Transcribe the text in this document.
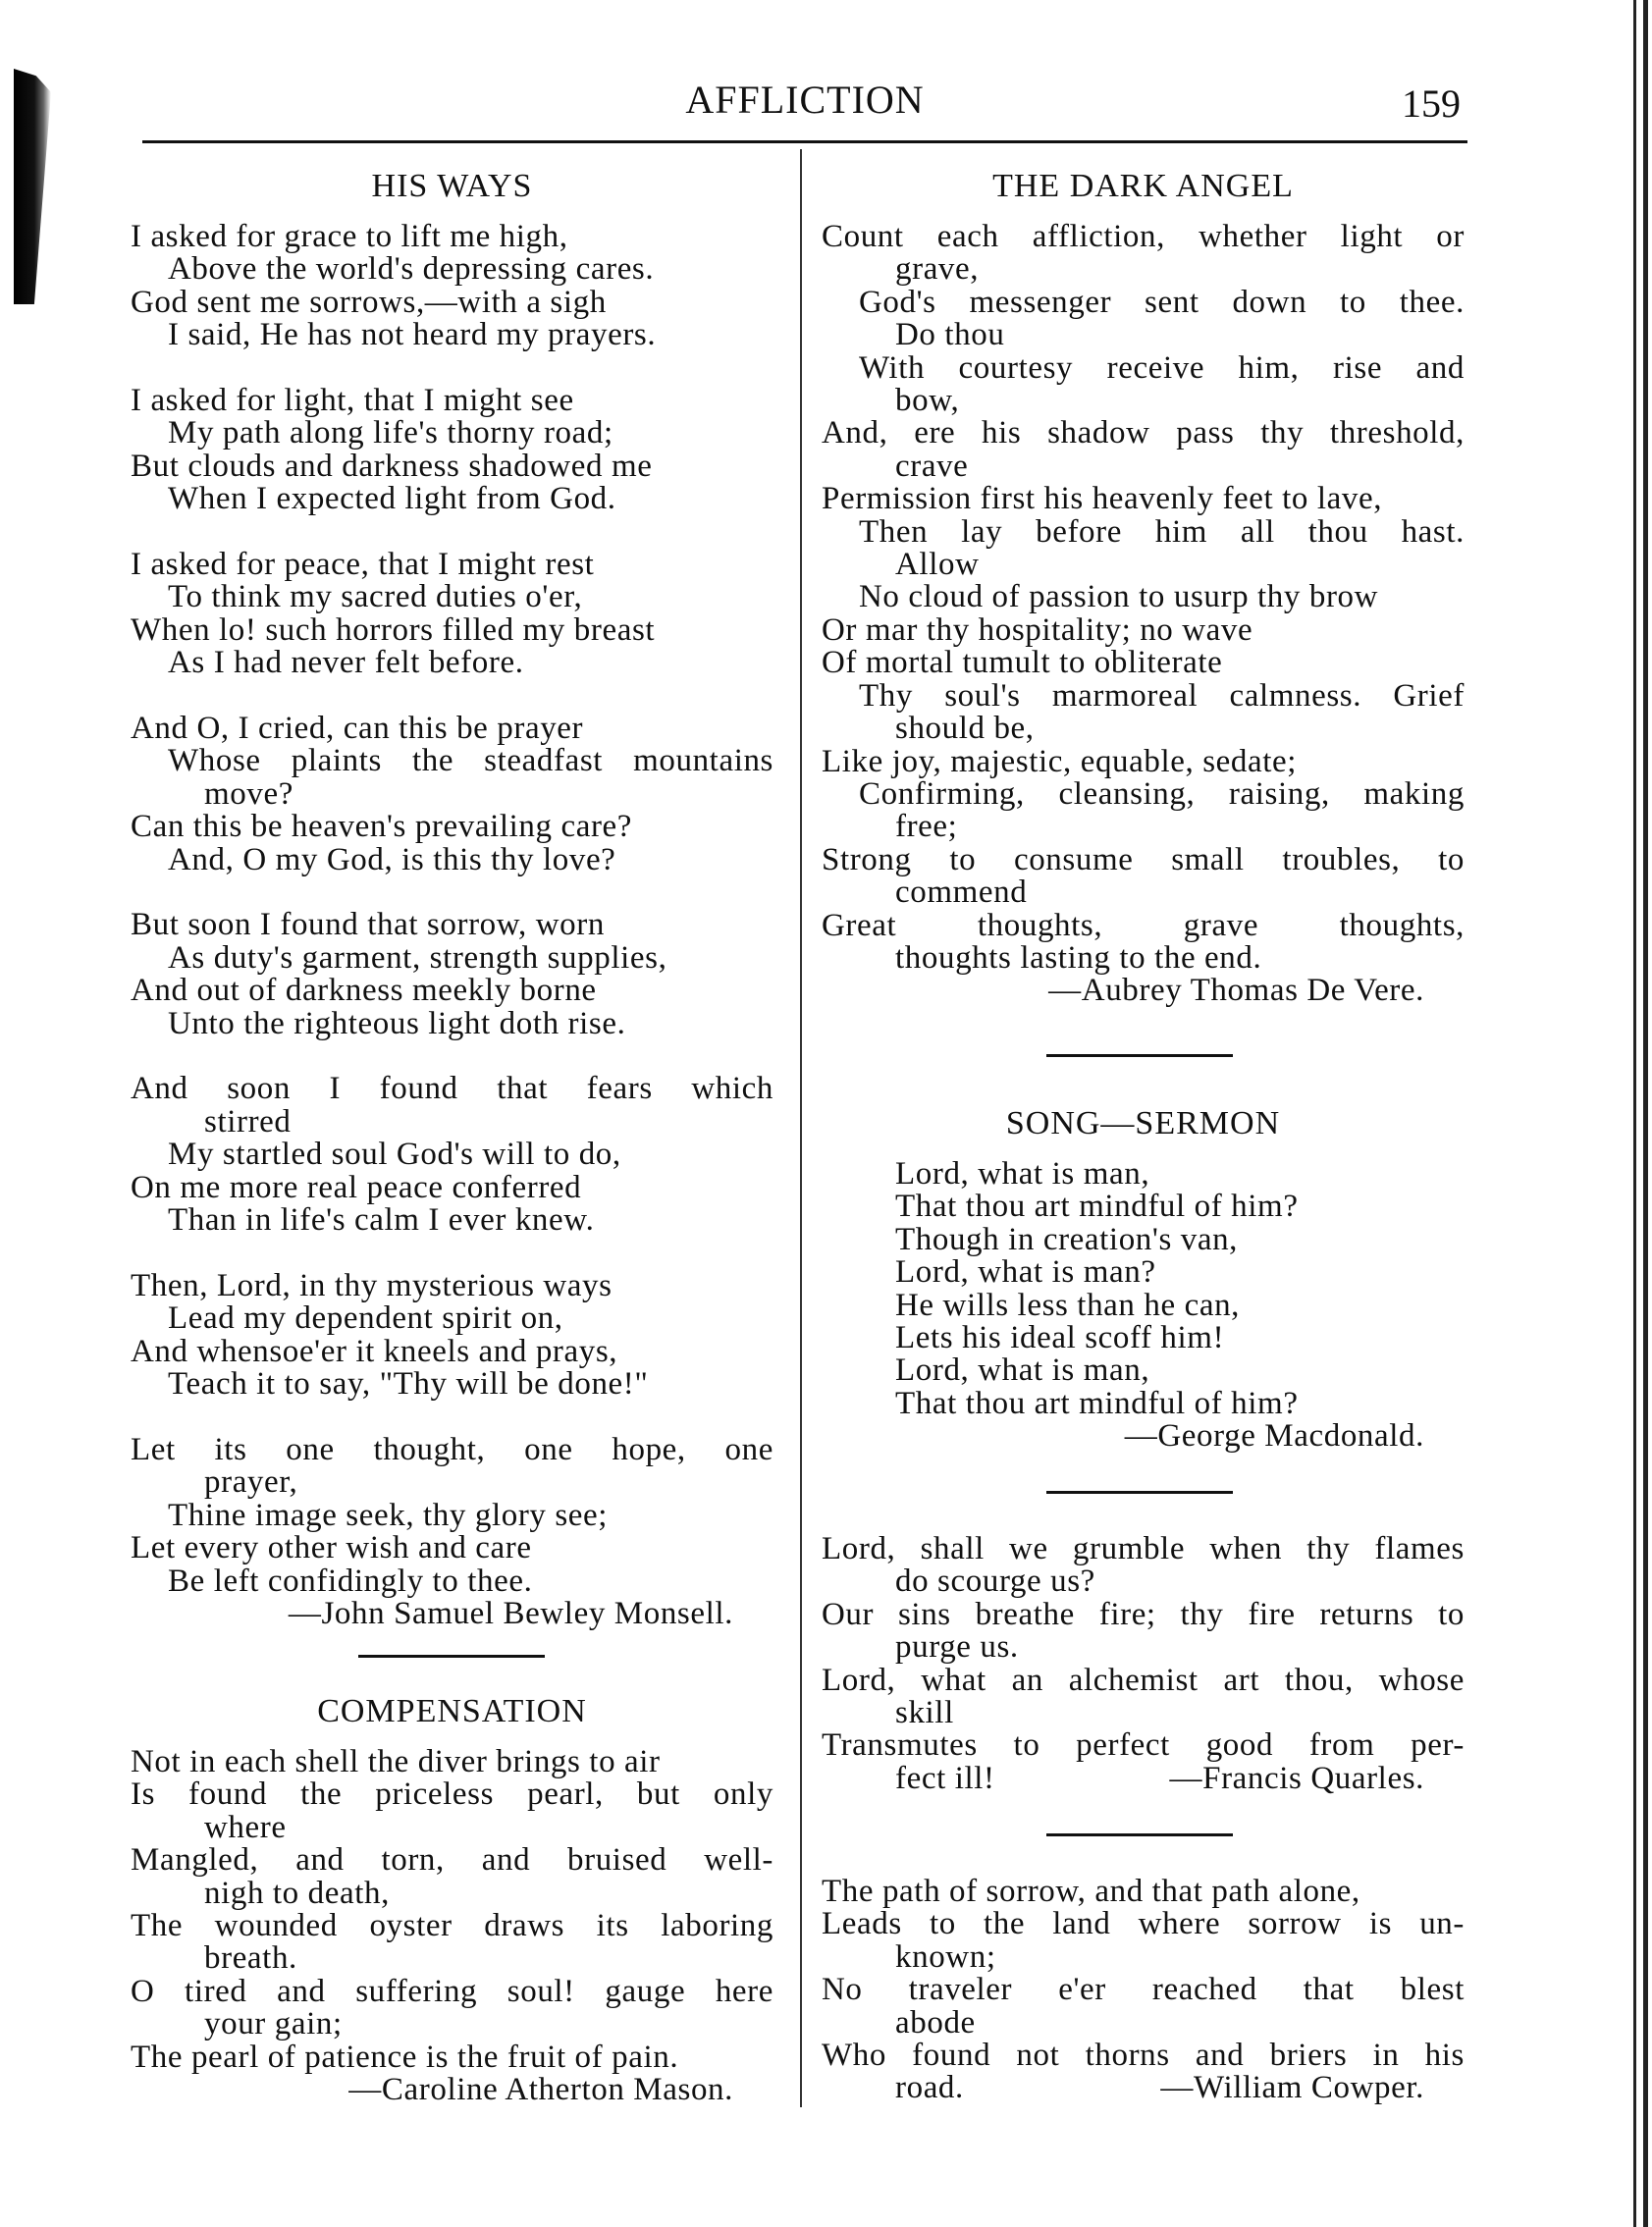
AFFLICTION	159
HIS WAYS
I asked for grace to lift me high,
Above the world's depressing cares.
God sent me sorrows,—with a sigh
I said, He has not heard my prayers.
I asked for light, that I might see
My path along life's thorny road;
But clouds and darkness shadowed me
When I expected light from God.
I asked for peace, that I might rest
To think my sacred duties o'er,
When lo! such horrors filled my breast
As I had never felt before.
And O, I cried, can this be prayer
Whose plaints the steadfast mountains
move?
Can this be heaven's prevailing care?
And, O my God, is this thy love?
But soon I found that sorrow, worn
As duty's garment, strength supplies,
And out of darkness meekly borne
Unto the righteous light doth rise.
And soon I found that fears which
stirred
My startled soul God's will to do,
On me more real peace conferred
Than in life's calm I ever knew.
Then, Lord, in thy mysterious ways
Lead my dependent spirit on,
And whensoe'er it kneels and prays,
Teach it to say, "Thy will be done!"
Let its one thought, one hope, one
prayer,
Thine image seek, thy glory see;
Let every other wish and care
Be left confidingly to thee.
—John Samuel Bewley Monsell.
COMPENSATION
Not in each shell the diver brings to air
Is found the priceless pearl, but only
where
Mangled, and torn, and bruised well-
nigh to death,
The wounded oyster draws its laboring
breath.
O tired and suffering soul! gauge here
your gain;
The pearl of patience is the fruit of pain.
—Caroline Atherton Mason.
THE DARK ANGEL
Count each affliction, whether light or
grave,
God's messenger sent down to thee.
Do thou
With courtesy receive him, rise and
bow,
And, ere his shadow pass thy threshold,
crave
Permission first his heavenly feet to lave,
Then lay before him all thou hast.
Allow
No cloud of passion to usurp thy brow
Or mar thy hospitality; no wave
Of mortal tumult to obliterate
Thy soul's marmoreal calmness. Grief
should be,
Like joy, majestic, equable, sedate;
Confirming, cleansing, raising, making
free;
Strong to consume small troubles, to
commend
Great thoughts, grave thoughts,
thoughts lasting to the end.
—Aubrey Thomas De Vere.
SONG—SERMON
Lord, what is man,
That thou art mindful of him?
Though in creation's van,
Lord, what is man?
He wills less than he can,
Lets his ideal scoff him!
Lord, what is man,
That thou art mindful of him?
—George Macdonald.
Lord, shall we grumble when thy flames
do scourge us?
Our sins breathe fire; thy fire returns to
purge us.
Lord, what an alchemist art thou, whose
skill
Transmutes to perfect good from per-
—Francis Quarles.
fect ill!
The path of sorrow, and that path alone,
Leads to the land where sorrow is un-
known;
No traveler e'er reached that blest
abode
Who found not thorns and briers in his
—William Cowper.
road.
